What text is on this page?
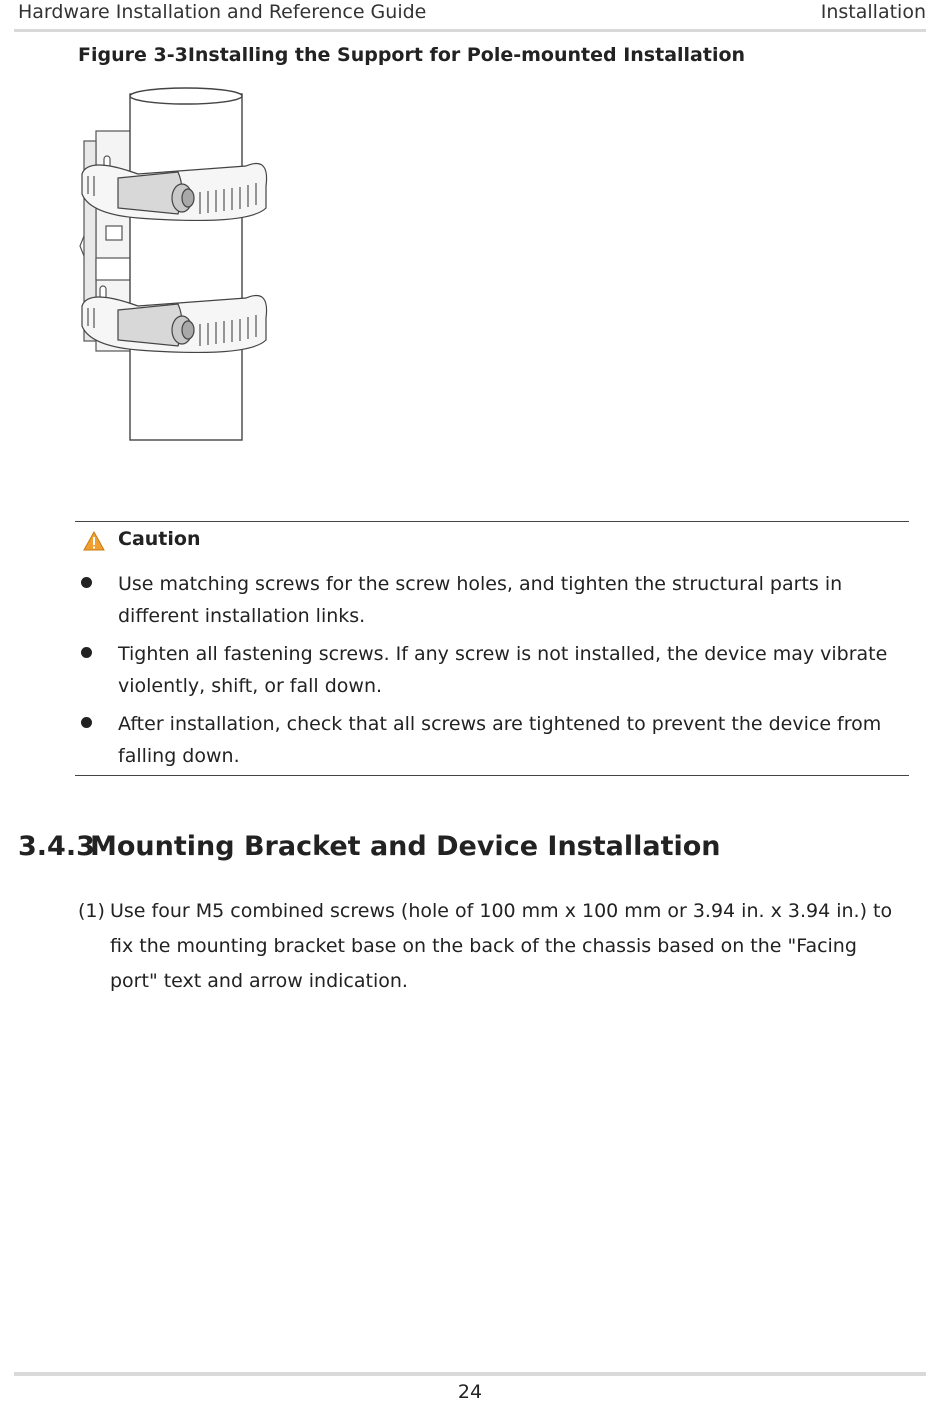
Hardware Installation and Reference Guide	Installation
Figure 3-3Installing the Support for Pole-mounted Installation
Caution
Use matching screws for the screw holes, and tighten the structural parts in different installation links.
Tighten all fastening screws. If any screw is not installed, the device may vibrate violently, shift, or fall down.
After installation, check that all screws are tightened to prevent the device from falling down.
3.4.3Mounting Bracket and Device Installation
(1) Use four M5 combined screws (hole of 100 mm x 100 mm or 3.94 in. x 3.94 in.) to fix the mounting bracket base on the back of the chassis based on the "Facing port" text and arrow indication.
24
